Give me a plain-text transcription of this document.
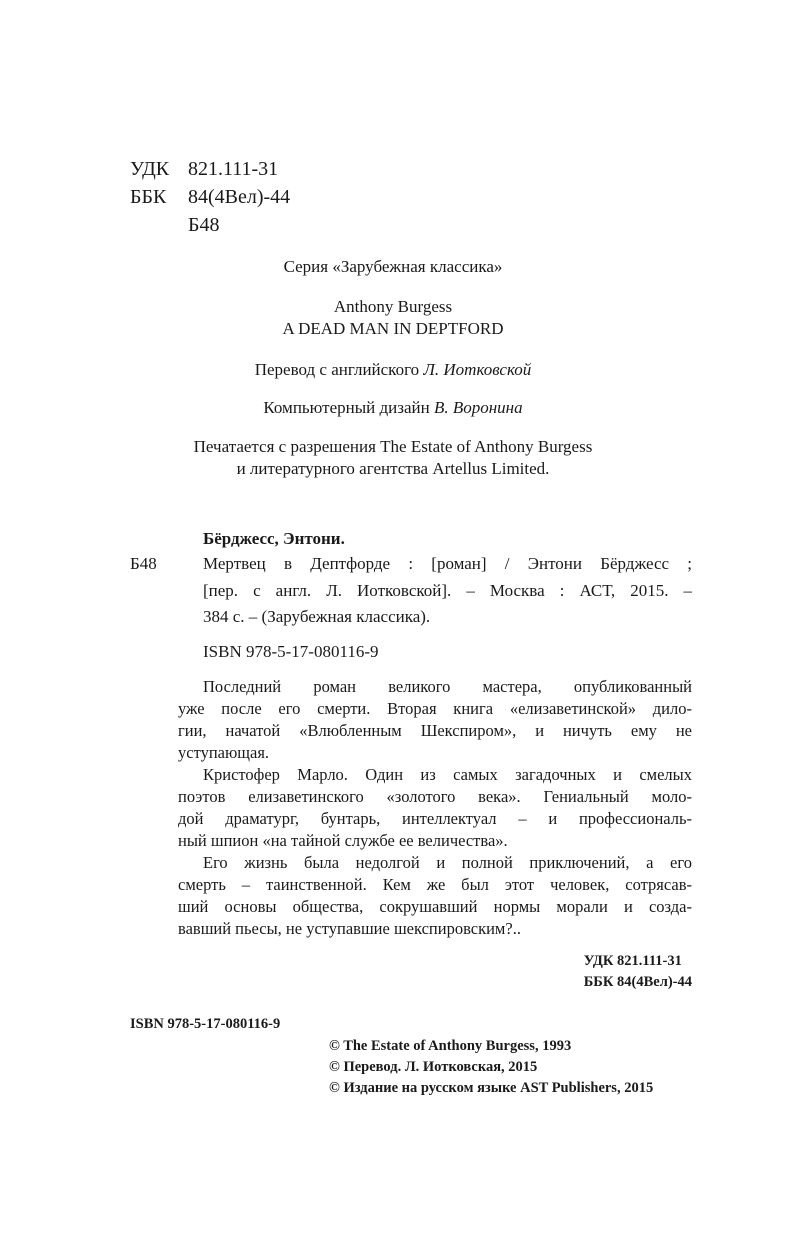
УДК 821.111-31
ББК	84(4Вел)-44
Б48
Серия «Зарубежная классика»
Anthony Burgess
A DEAD MAN IN DEPTFORD
Перевод с английского Л. Иотковской
Компьютерный дизайн В. Воронина
Печатается с разрешения The Estate of Anthony Burgess
и литературного агентства Artellus Limited.
Бёрджесс, Энтони.
Б48	Мертвец в Дептфорде : [роман] / Энтони Бёрджесс ;
[пер. с англ. Л. Иотковской]. – Москва : АСТ, 2015. –
384 с. – (Зарубежная классика).
ISBN 978-5-17-080116-9
Последний роман великого мастера, опубликованный
уже после его смерти. Вторая книга «елизаветинской» дило-
гии, начатой «Влюбленным Шекспиром», и ничуть ему не
уступающая.
Кристофер Марло. Один из самых загадочных и смелых
поэтов елизаветинского «золотого века». Гениальный моло-
дой драматург, бунтарь, интеллектуал – и профессиональ-
ный шпион «на тайной службе ее величества».
Его жизнь была недолгой и полной приключений, а его
смерть – таинственной. Кем же был этот человек, сотрясав-
ший основы общества, сокрушавший нормы морали и созда-
вавший пьесы, не уступавшие шекспировским?..
УДК 821.111-31
ББК 84(4Вел)-44
ISBN 978-5-17-080116-9
© The Estate of Anthony Burgess, 1993
© Перевод. Л. Иотковская, 2015
© Издание на русском языке AST Publishers, 2015
